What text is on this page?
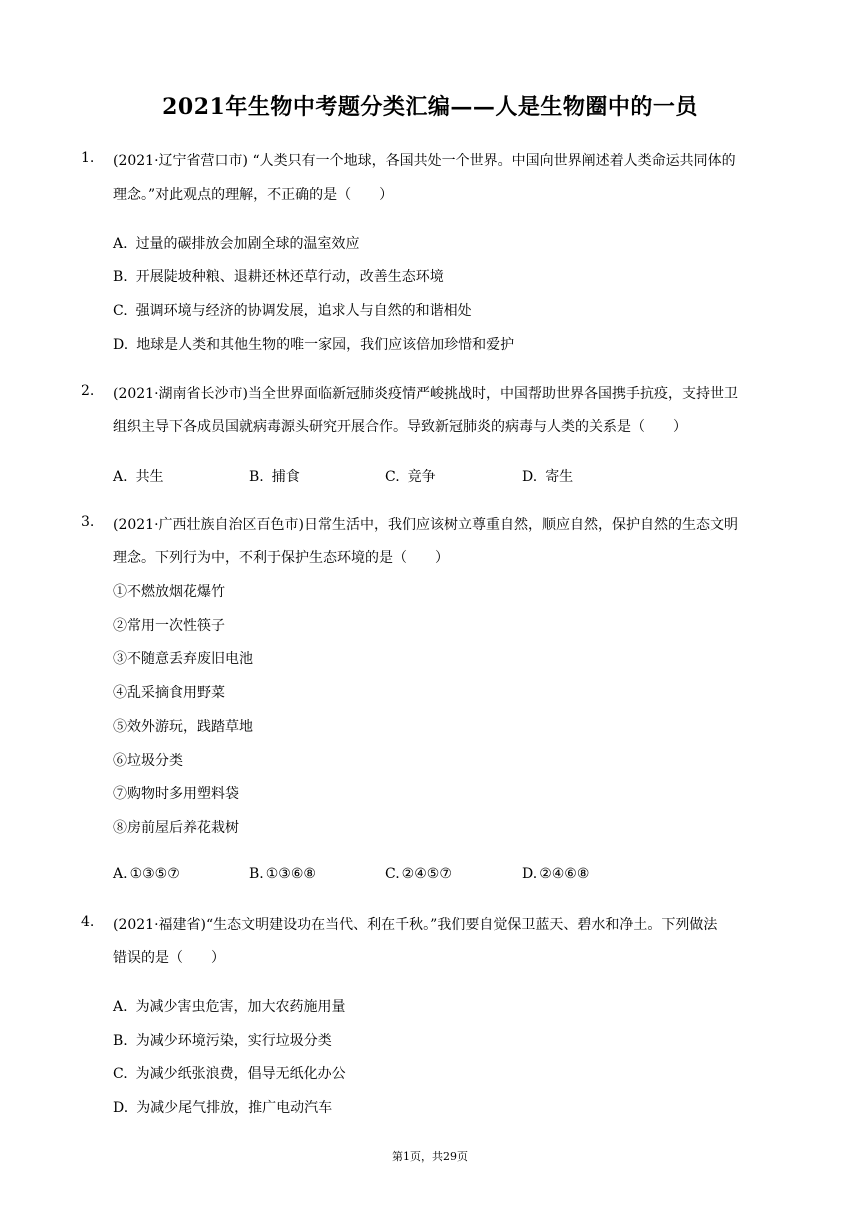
2021年生物中考题分类汇编——人是生物圈中的一员
1. (2021·辽宁省营口市) “人类只有一个地球，各国共处一个世界。中国向世界阐述着人类命运共同体的
理念。”对此观点的理解，不正确的是（　　）
A. 过量的碳排放会加剧全球的温室效应
B. 开展陡坡种粮、退耕还林还草行动，改善生态环境
C. 强调环境与经济的协调发展，追求人与自然的和谐相处
D. 地球是人类和其他生物的唯一家园，我们应该倍加珍惜和爱护
2. (2021·湖南省长沙市)当全世界面临新冠肺炎疫情严峻挑战时，中国帮助世界各国携手抗疫，支持世卫
组织主导下各成员国就病毒源头研究开展合作。导致新冠肺炎的病毒与人类的关系是（　　）
A. 共生	B. 捕食	C. 竞争	D. 寄生
3. (2021·广西壮族自治区百色市)日常生活中，我们应该树立尊重自然，顺应自然，保护自然的生态文明
理念。下列行为中，不利于保护生态环境的是（　　）
①不燃放烟花爆竹
②常用一次性筷子
③不随意丢弃废旧电池
④乱采摘食用野菜
⑤效外游玩，践踏草地
⑥垃圾分类
⑦购物时多用塑料袋
⑧房前屋后养花栽树
A. ①③⑤⑦	B. ①③⑥⑧	C. ②④⑤⑦	D. ②④⑥⑧
4. (2021·福建省)“生态文明建设功在当代、利在千秋。”我们要自觉保卫蓝天、碧水和净土。下列做法
错误的是（　　）
A. 为减少害虫危害，加大农药施用量
B. 为减少环境污染，实行垃圾分类
C. 为减少纸张浪费，倡导无纸化办公
D. 为减少尾气排放，推广电动汽车
第1页，共29页
